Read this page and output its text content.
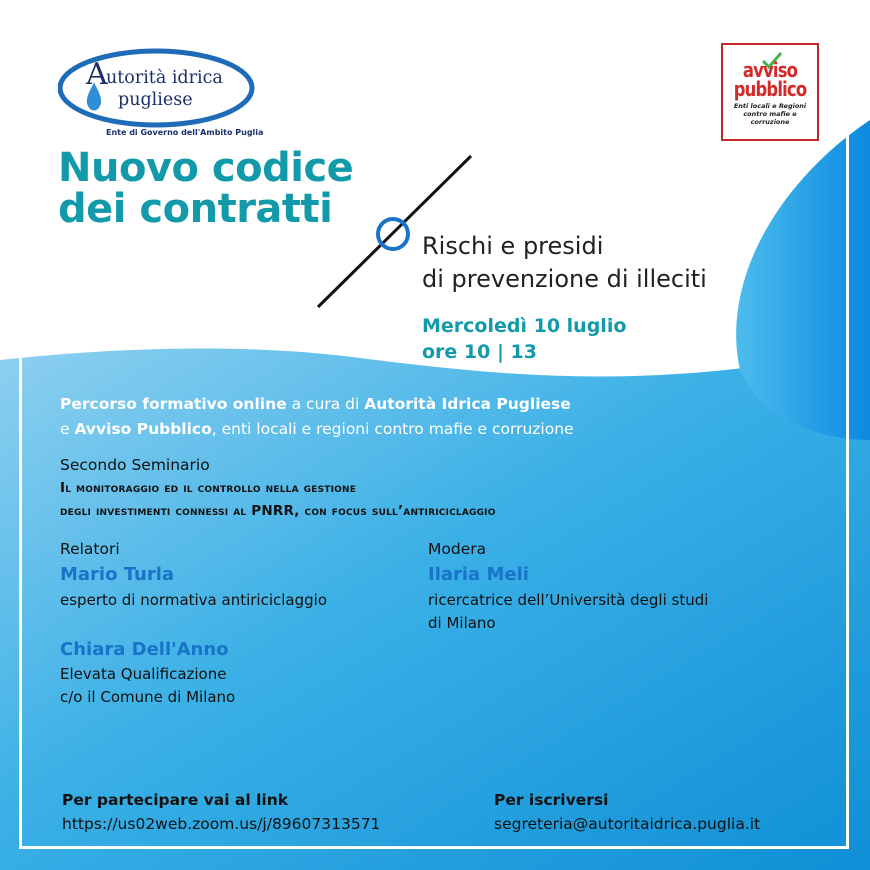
A
utorità idrica
pugliese
Ente di Governo dell'Ambito Puglia
avviso pubblico
Enti locali e Regioni contro mafie e corruzione
Nuovo codice
dei contratti
Rischi e presidi
di prevenzione di illeciti
Mercoledì 10 luglio
ore 10 | 13
Percorso formativo online a cura di Autorità Idrica Pugliese
e Avviso Pubblico, enti locali e regioni contro mafie e corruzione
Secondo Seminario
Il monitoraggio ed il controllo nella gestione
degli investimenti connessi al PNRR, con focus sull’antiriciclaggio
Relatori
Mario Turla
esperto di normativa antiriciclaggio
Chiara Dell'Anno
Elevata Qualificazione
c/o il Comune di Milano
Modera
Ilaria Meli
ricercatrice dell’Università degli studi
di Milano
Per partecipare vai al link
https://us02web.zoom.us/j/89607313571
Per iscriversi
segreteria@autoritaidrica.puglia.it
